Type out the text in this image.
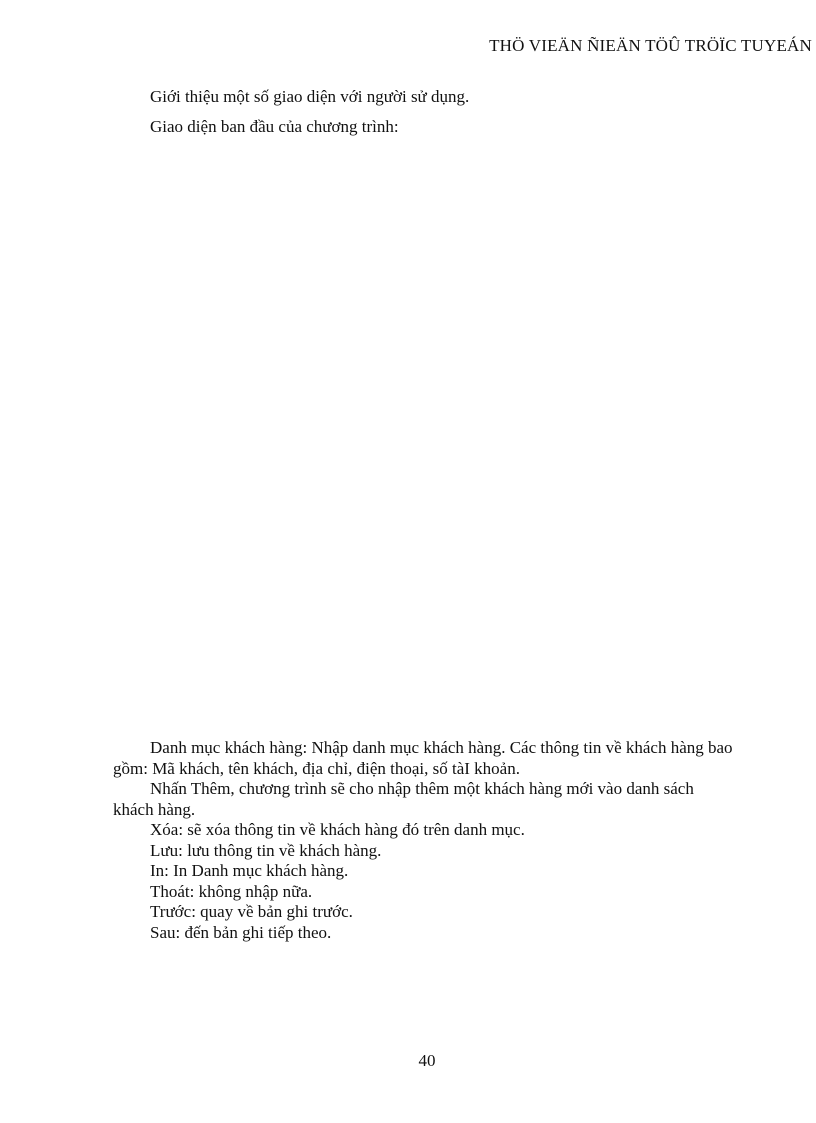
THÖ VIEÄN ÑIEÄN TÖÛ TRÖÏC TUYEÁN

Giới thiệu một số giao diện với người sử dụng.

Giao diện ban đầu của chương trình:

Danh mục khách hàng: Nhập danh mục khách hàng. Các thông tin về khách hàng bao gồm: Mã khách, tên khách, địa chỉ, điện thoại, số tàI khoản.

Nhấn Thêm, chương trình sẽ cho nhập thêm một khách hàng mới vào danh sách khách hàng.

Xóa: sẽ xóa thông tin về khách hàng đó trên danh mục.

Lưu: lưu thông tin về khách hàng.

In: In Danh mục khách hàng.

Thoát: không nhập nữa.

Trước: quay về bản ghi trước.

Sau: đến bản ghi tiếp theo.

40
